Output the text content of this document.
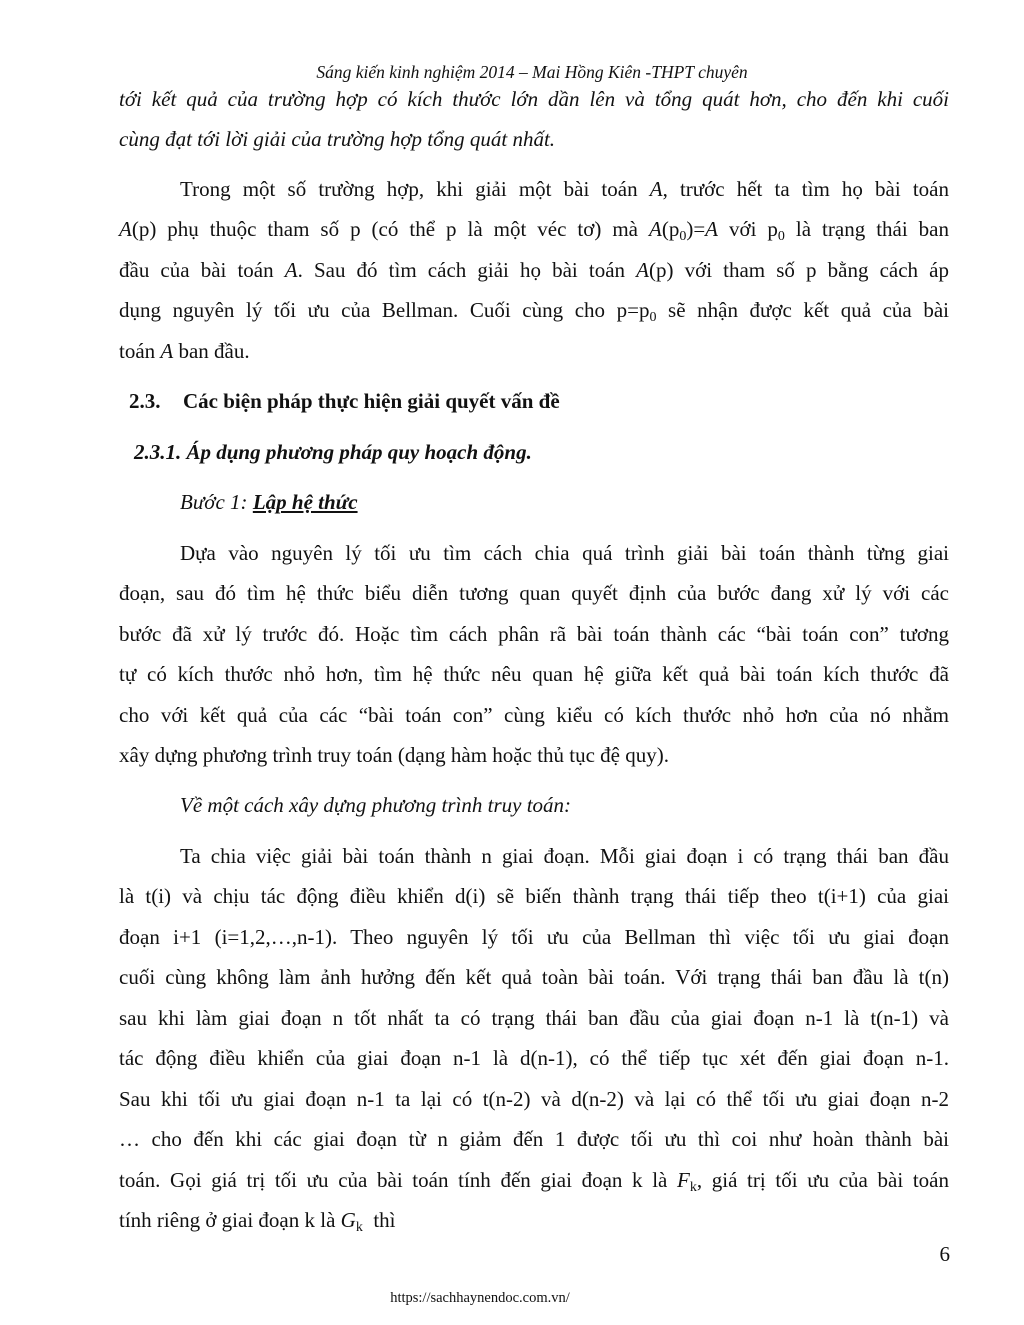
Sáng kiến kinh nghiệm 2014 – Mai Hồng Kiên -THPT chuyên
tới kết quả của trường hợp có kích thước lớn dần lên và tổng quát hơn, cho đến khi cuối
cùng đạt tới lời giải của trường hợp tổng quát nhất.
Trong một số trường hợp, khi giải một bài toán A, trước hết ta tìm họ bài toán
A(p) phụ thuộc tham số p (có thể p là một véc tơ) mà $A(p_0)=A$ với $p_0$ là trạng thái ban
đầu của bài toán A. Sau đó tìm cách giải họ bài toán A(p) với tham số p bằng cách áp
dụng nguyên lý tối ưu của Bellman. Cuối cùng cho $p=p_0$ sẽ nhận được kết quả của bài
toán A ban đầu.
2.3. Các biện pháp thực hiện giải quyết vấn đề
2.3.1. Áp dụng phương pháp quy hoạch động.
Bước 1: Lập hệ thức
Dựa vào nguyên lý tối ưu tìm cách chia quá trình giải bài toán thành từng giai
đoạn, sau đó tìm hệ thức biểu diễn tương quan quyết định của bước đang xử lý với các
bước đã xử lý trước đó. Hoặc tìm cách phân rã bài toán thành các “bài toán con” tương
tự có kích thước nhỏ hơn, tìm hệ thức nêu quan hệ giữa kết quả bài toán kích thước đã
cho với kết quả của các “bài toán con” cùng kiểu có kích thước nhỏ hơn của nó nhằm
xây dựng phương trình truy toán (dạng hàm hoặc thủ tục đệ quy).
Về một cách xây dựng phương trình truy toán:
Ta chia việc giải bài toán thành n giai đoạn. Mỗi giai đoạn i có trạng thái ban đầu
là t(i) và chịu tác động điều khiển d(i) sẽ biến thành trạng thái tiếp theo t(i+1) của giai
đoạn i+1 (i=1,2,…,n-1). Theo nguyên lý tối ưu của Bellman thì việc tối ưu giai đoạn
cuối cùng không làm ảnh hưởng đến kết quả toàn bài toán. Với trạng thái ban đầu là t(n)
sau khi làm giai đoạn n tốt nhất ta có trạng thái ban đầu của giai đoạn n-1 là t(n-1) và
tác động điều khiển của giai đoạn n-1 là d(n-1), có thể tiếp tục xét đến giai đoạn n-1.
Sau khi tối ưu giai đoạn n-1 ta lại có t(n-2) và d(n-2) và lại có thể tối ưu giai đoạn n-2
… cho đến khi các giai đoạn từ n giảm đến 1 được tối ưu thì coi như hoàn thành bài
toán. Gọi giá trị tối ưu của bài toán tính đến giai đoạn k là $F_k$, giá trị tối ưu của bài toán
tính riêng ở giai đoạn k là $G_k$  thì
6
https://sachhaynendoc.com.vn/
